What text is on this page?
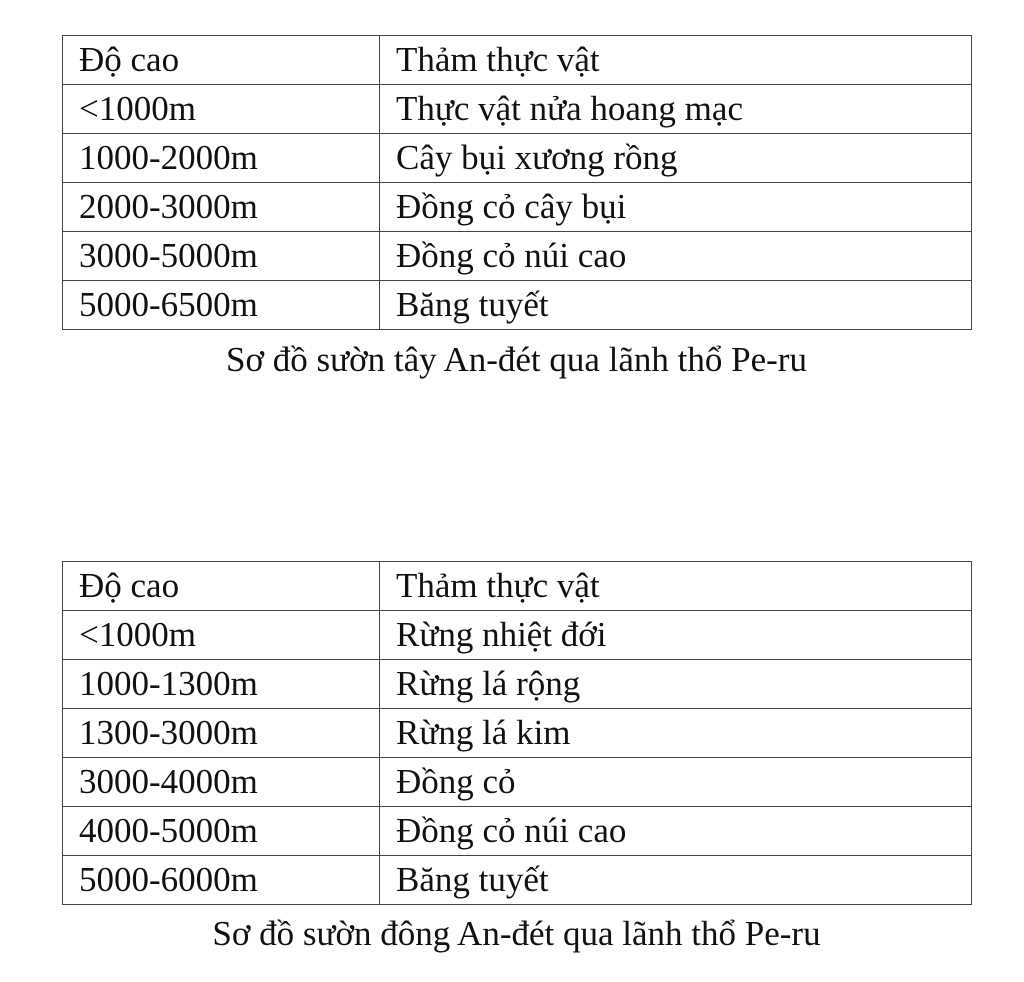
Độ cao	Thảm thực vật
<1000m	Thực vật nửa hoang mạc
1000-2000m	Cây bụi xương rồng
2000-3000m	Đồng cỏ cây bụi
3000-5000m	Đồng cỏ núi cao
5000-6500m	Băng tuyết
Sơ đồ sườn tây An-đét qua lãnh thổ Pe-ru
Độ cao	Thảm thực vật
<1000m	Rừng nhiệt đới
1000-1300m	Rừng lá rộng
1300-3000m	Rừng lá kim
3000-4000m	Đồng cỏ
4000-5000m	Đồng cỏ núi cao
5000-6000m	Băng tuyết
Sơ đồ sườn đông An-đét qua lãnh thổ Pe-ru
